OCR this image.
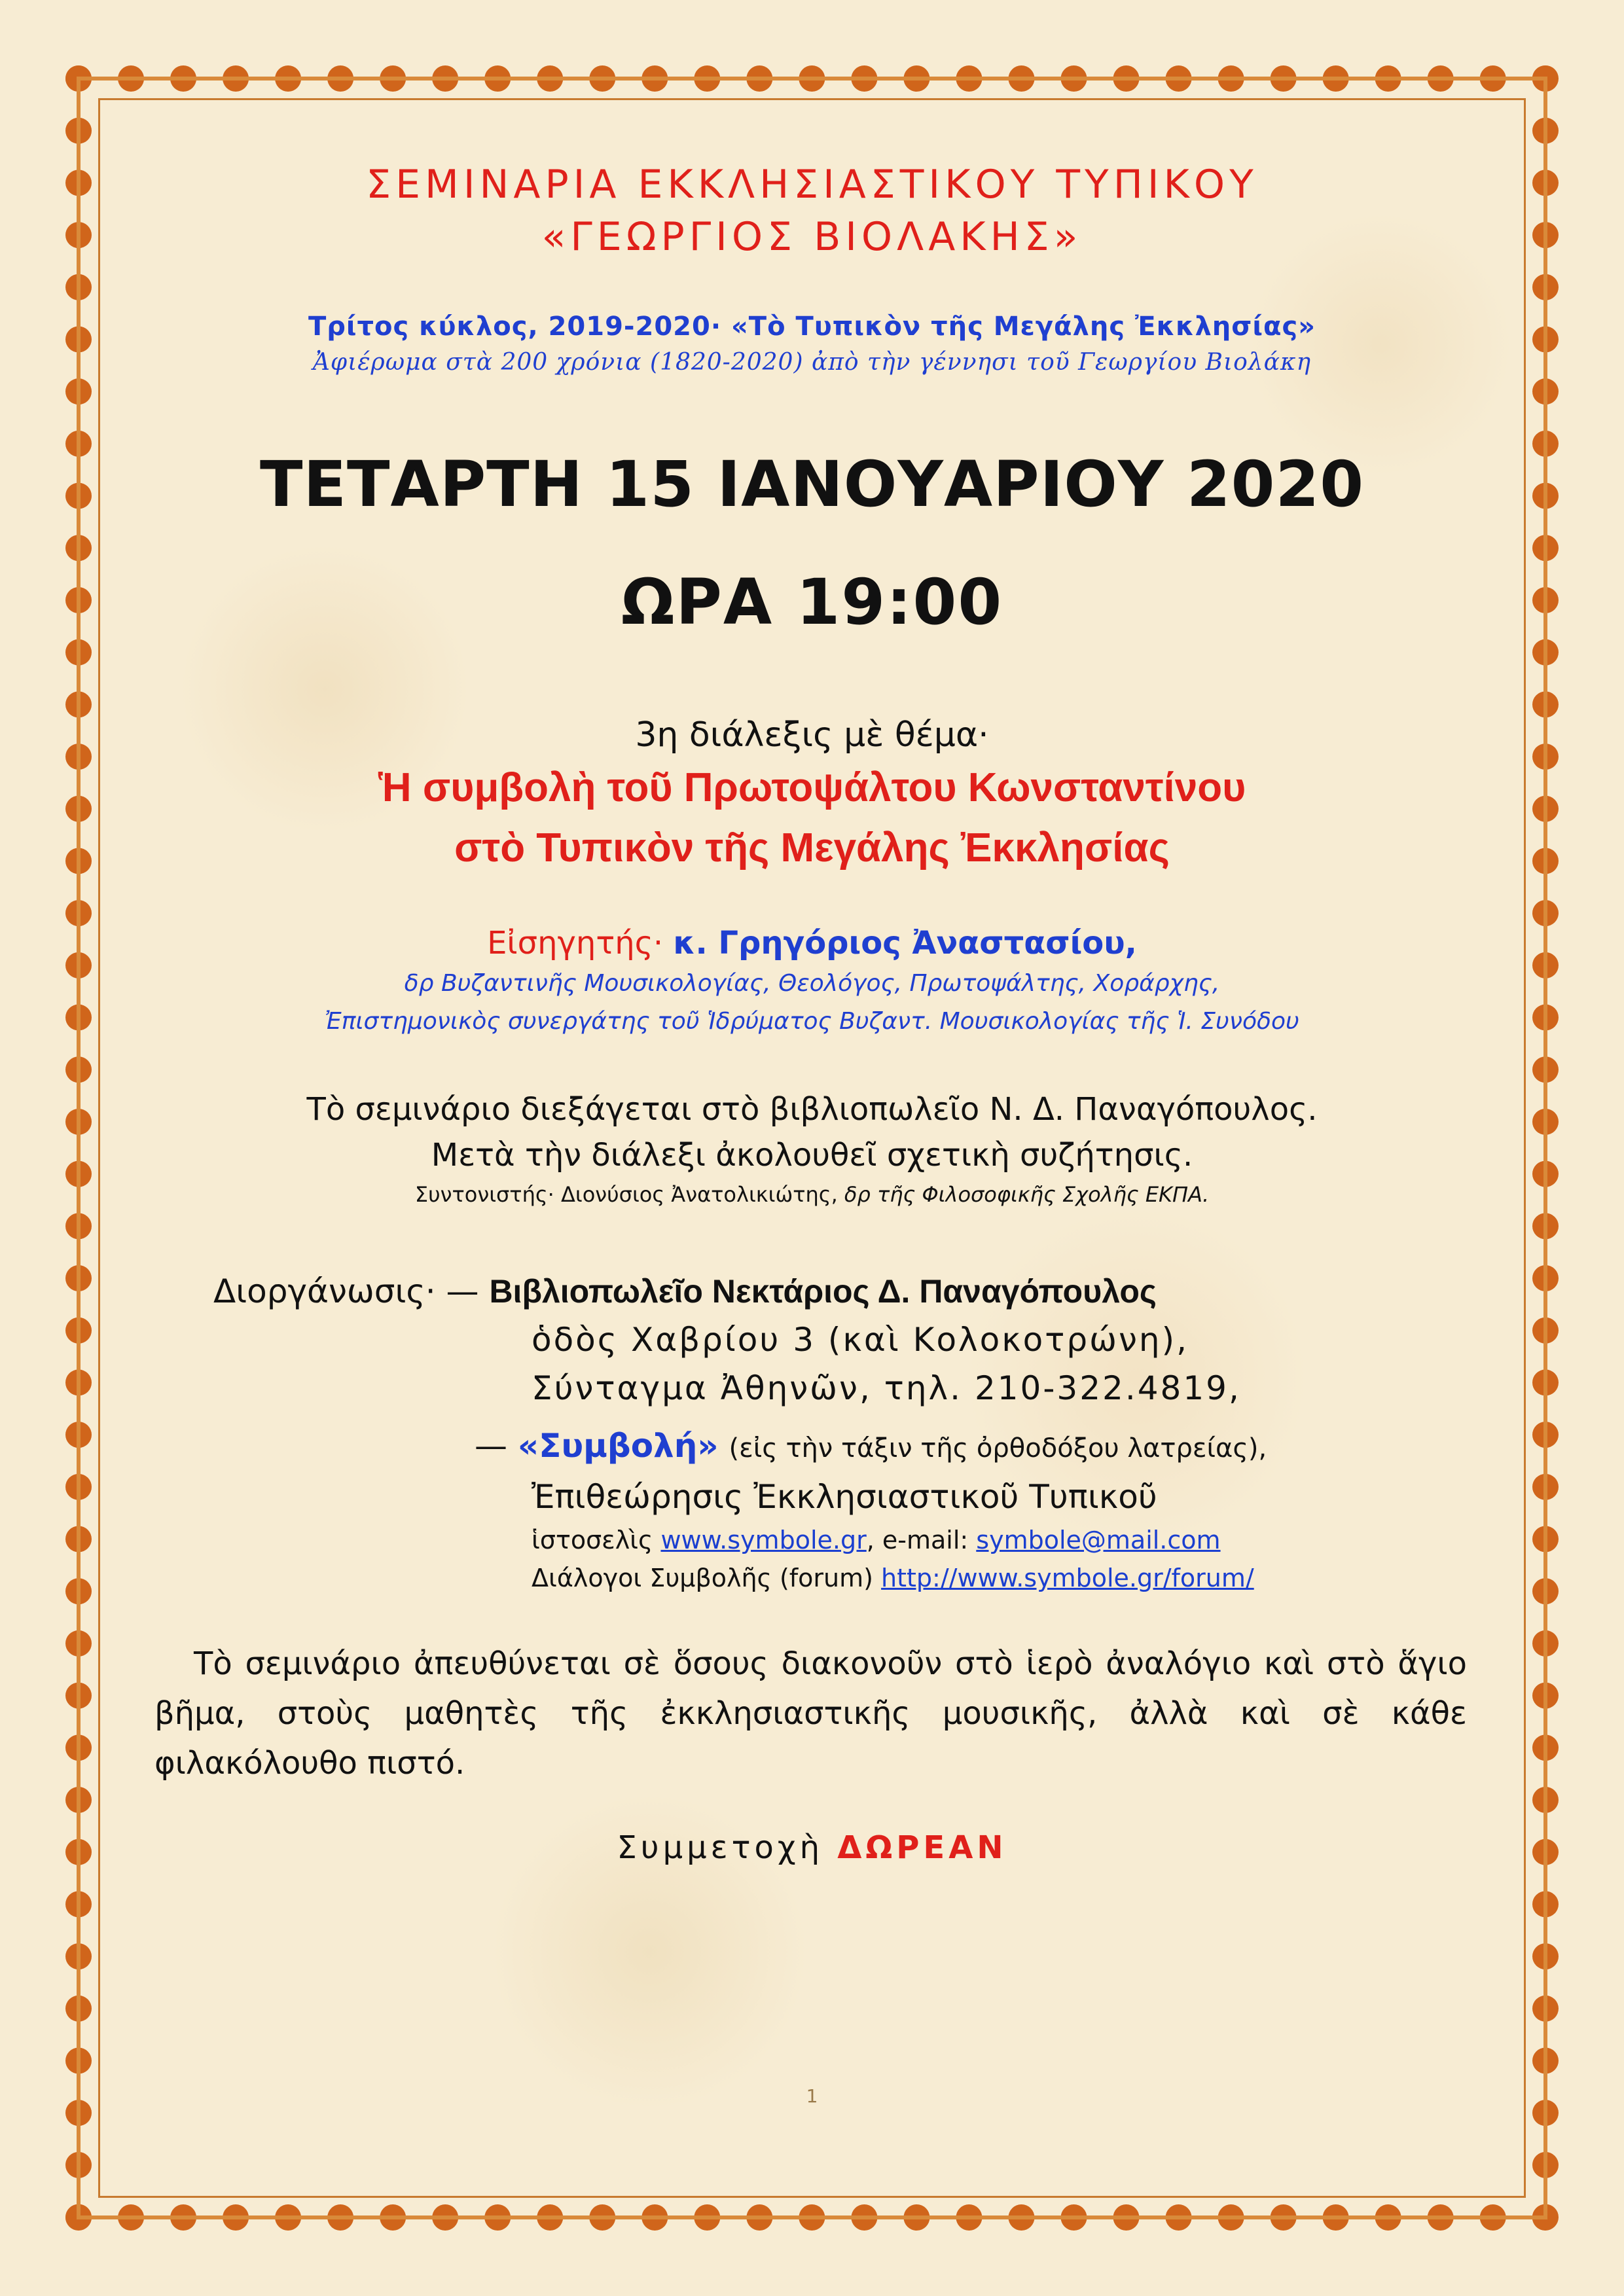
ΣΕΜΙΝΑΡΙΑ ΕΚΚΛΗΣΙΑΣΤΙΚΟΥ ΤΥΠΙΚΟΥ
«ΓΕΩΡΓΙΟΣ ΒΙΟΛΑΚΗΣ»
Τρίτος κύκλος, 2019-2020· «Τὸ Τυπικὸν τῆς Μεγάλης Ἐκκλησίας»
Ἀφιέρωμα στὰ 200 χρόνια (1820-2020) ἀπὸ τὴν γέννησι τοῦ Γεωργίου Βιολάκη
ΤΕΤΑΡΤΗ 15 ΙΑΝΟΥΑΡΙΟΥ 2020
ΩΡΑ 19:00
3η διάλεξις μὲ θέμα·
Ἡ συμβολὴ τοῦ Πρωτοψάλτου Κωνσταντίνου
στὸ Τυπικὸν τῆς Μεγάλης Ἐκκλησίας
Εἰσηγητής· κ. Γρηγόριος Ἀναστασίου,
δρ Βυζαντινῆς Μουσικολογίας, Θεολόγος, Πρωτοψάλτης, Χοράρχης,
Ἐπιστημονικὸς συνεργάτης τοῦ Ἱδρύματος Βυζαντ. Μουσικολογίας τῆς Ἱ. Συνόδου
Τὸ σεμινάριο διεξάγεται στὸ βιβλιοπωλεῖο Ν. Δ. Παναγόπουλος.
Μετὰ τὴν διάλεξι ἀκολουθεῖ σχετικὴ συζήτησις.
Συντονιστής· Διονύσιος Ἀνατολικιώτης, δρ τῆς Φιλοσοφικῆς Σχολῆς ΕΚΠΑ.
Διοργάνωσις· — Βιβλιοπωλεῖο Νεκτάριος Δ. Παναγόπουλος
ὁδὸς Χαβρίου 3 (καὶ Κολοκοτρώνη),
Σύνταγμα Ἀθηνῶν, τηλ. 210-322.4819,
— «Συμβολή» (εἰς τὴν τάξιν τῆς ὀρθοδόξου λατρείας),
Ἐπιθεώρησις Ἐκκλησιαστικοῦ Τυπικοῦ
ἱστοσελὶς www.symbole.gr, e-mail: symbole@mail.com
Διάλογοι Συμβολῆς (forum) http://www.symbole.gr/forum/
Τὸ σεμινάριο ἀπευθύνεται σὲ ὅσους διακονοῦν στὸ ἱερὸ ἀναλόγιο καὶ στὸ ἅγιο βῆμα, στοὺς μαθητὲς τῆς ἐκκλησιαστικῆς μουσικῆς, ἀλλὰ καὶ σὲ κάθε φιλακόλουθο πιστό.
Συμμετοχὴ ΔΩΡΕΑΝ
1
